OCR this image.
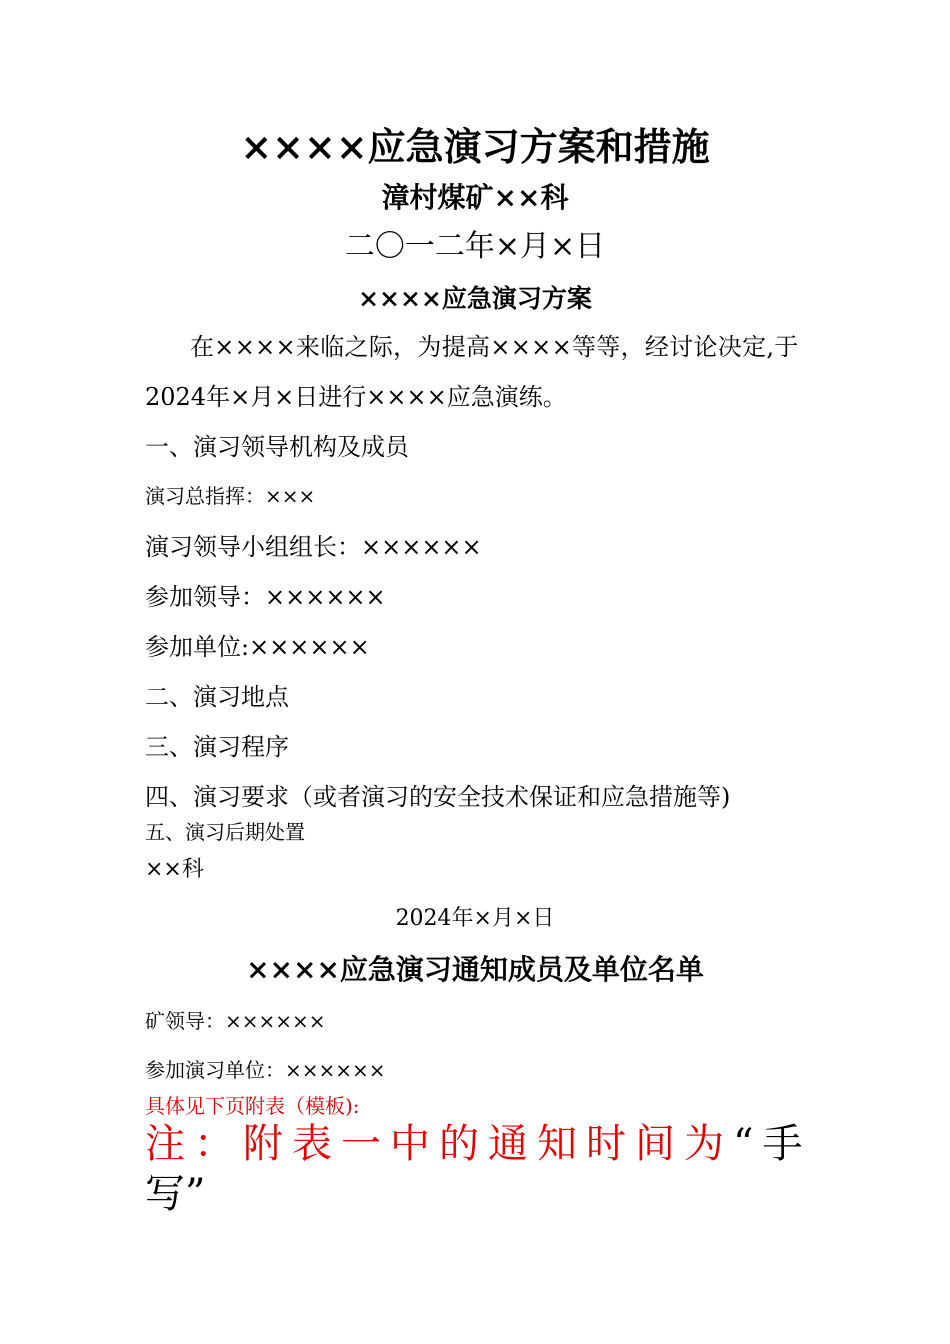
××××应急演习方案和措施
漳村煤矿××科
二〇一二年×月×日
××××应急演习方案
在××××来临之际，为提高××××等等，经讨论决定,于
2024年×月×日进行××××应急演练。
一、演习领导机构及成员
演习总指挥：×××
演习领导小组组长：××××××
参加领导：××××××
参加单位:××××××
二、演习地点
三、演习程序
四、演习要求（或者演习的安全技术保证和应急措施等)
五、演习后期处置
××科
2024年×月×日
××××应急演习通知成员及单位名单
矿领导：××××××
参加演习单位：××××××
具体见下页附表（模板):
注：附表一中的通知时间为“手
写”
